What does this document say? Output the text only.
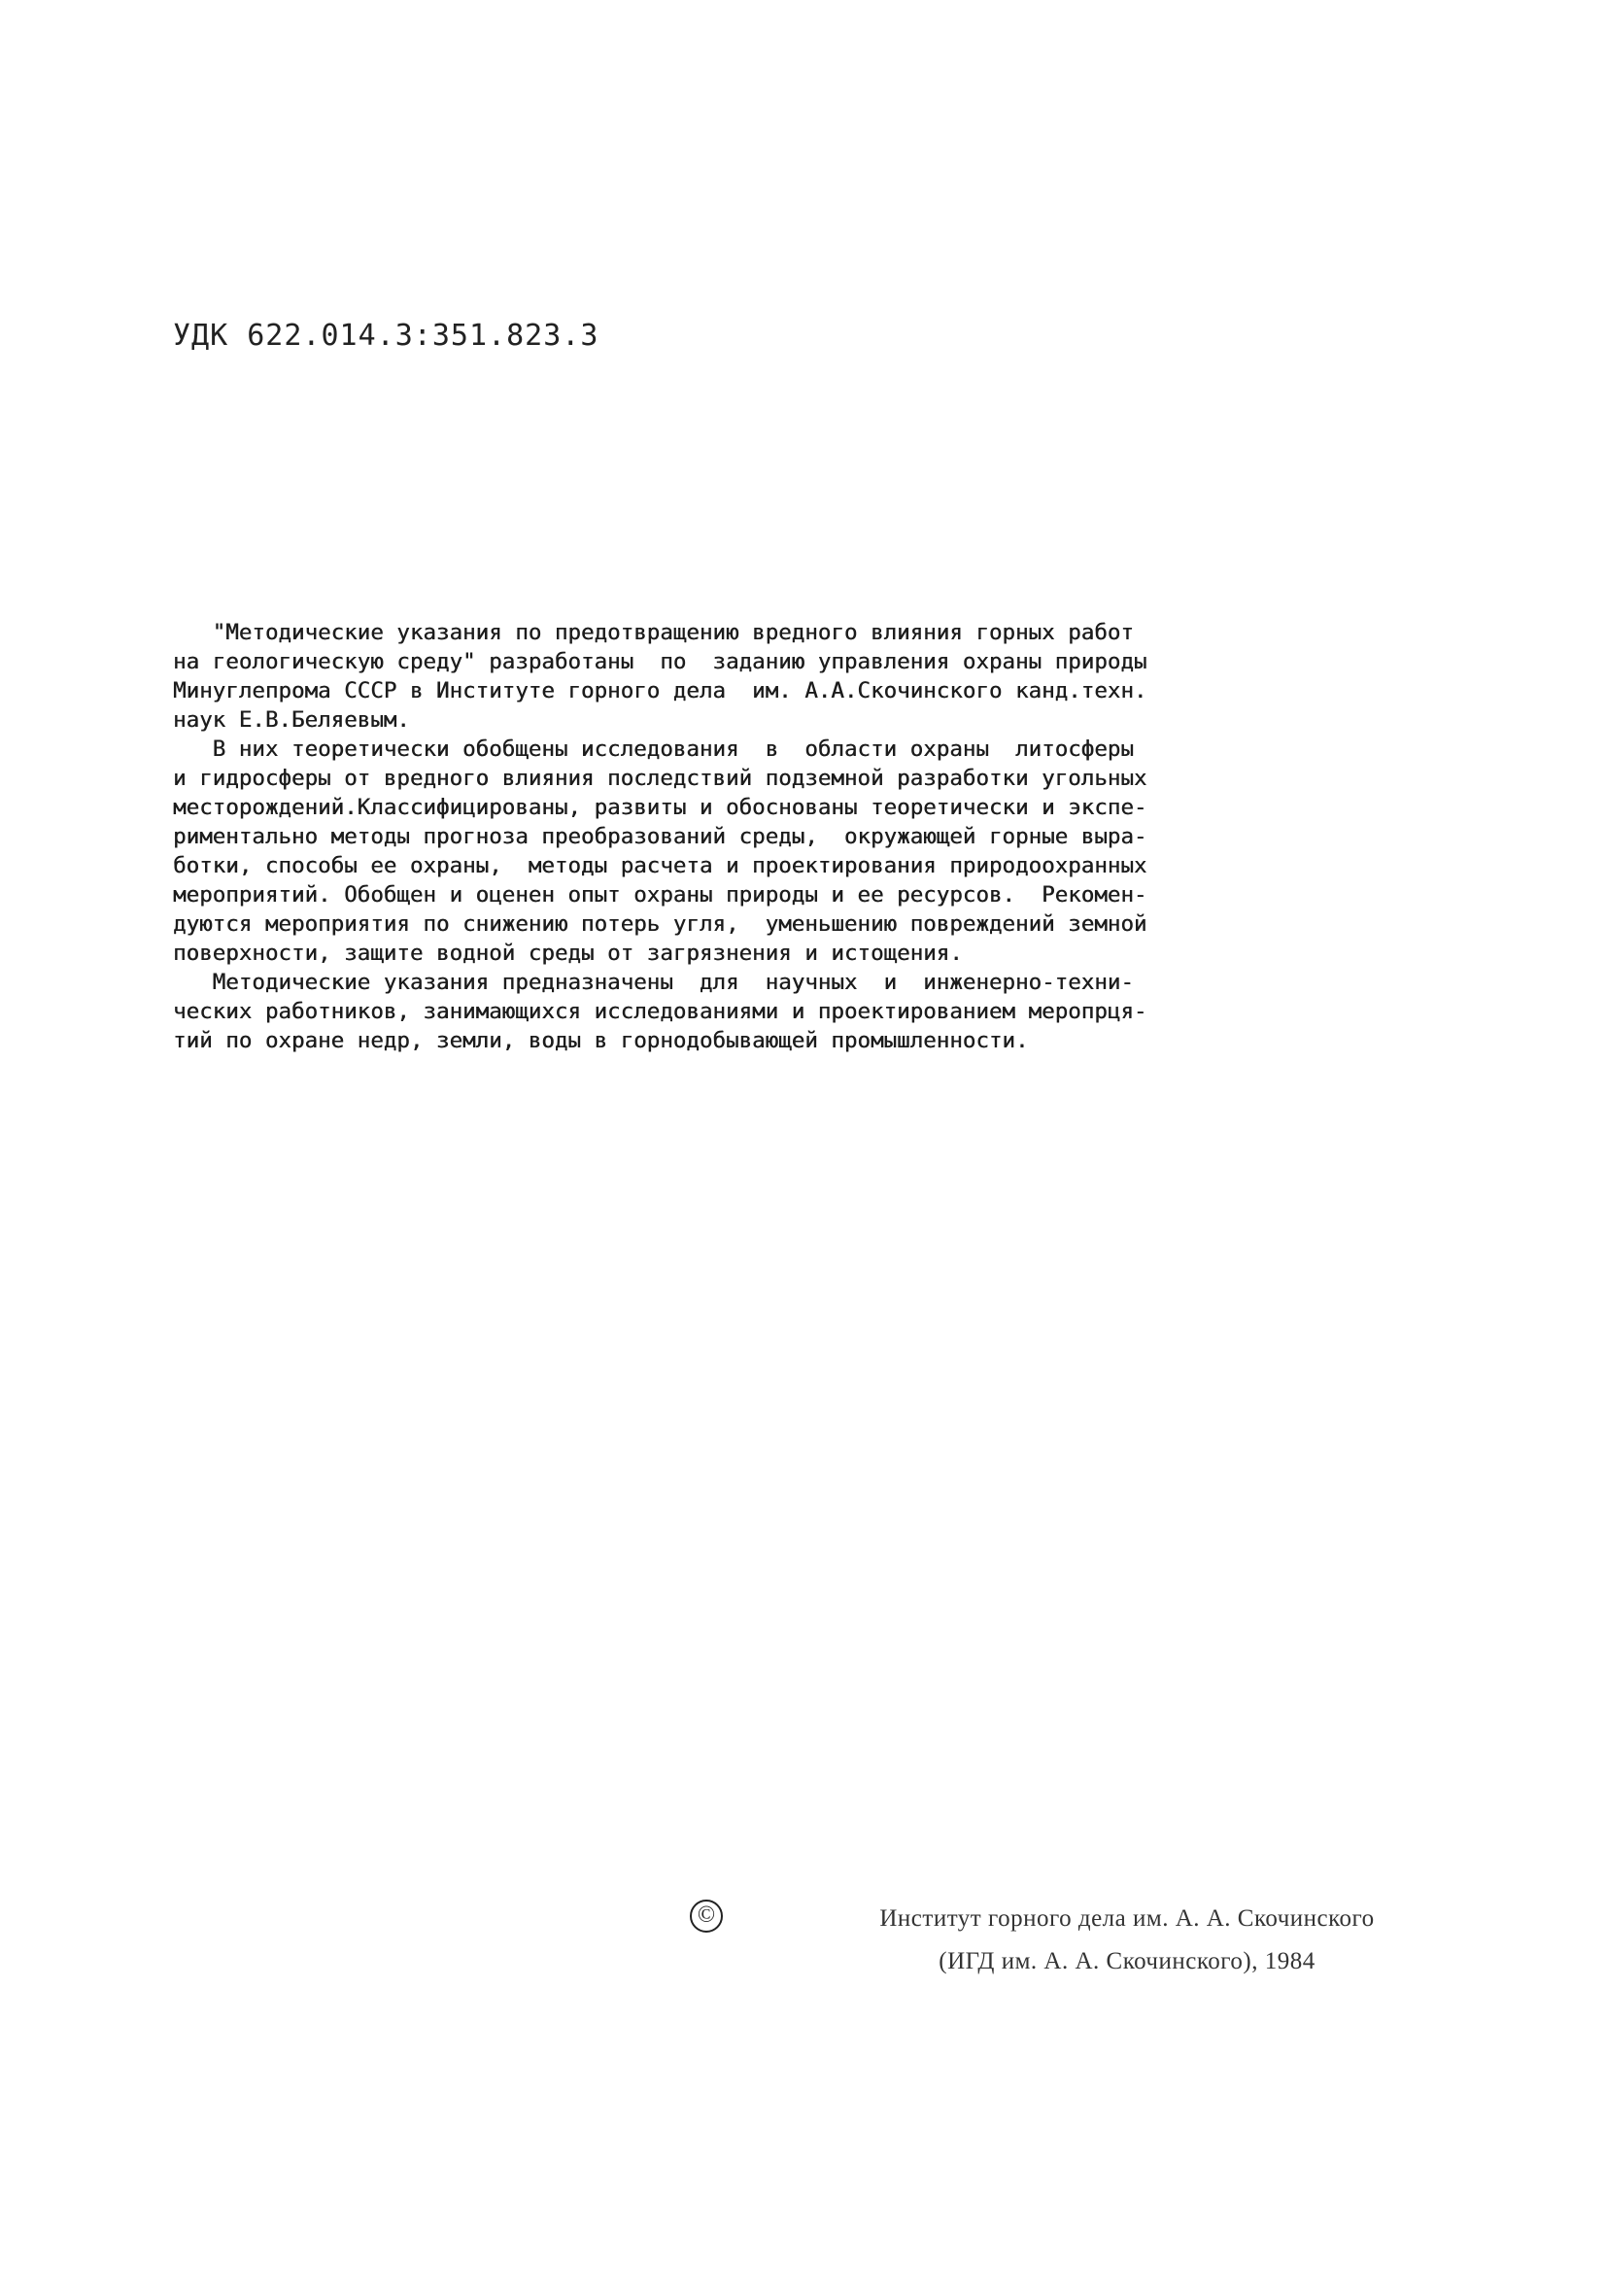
УДК 622.014.3:351.823.3
"Методические указания по предотвращению вредного влияния горных работ
на геологическую среду" разработаны  по  заданию управления охраны природы
Минуглепрома СССР в Институте горного дела  им. А.А.Скочинского канд.техн.
наук Е.В.Беляевым.
В них теоретически обобщены исследования  в  области охраны  литосферы
и гидросферы от вредного влияния последствий подземной разработки угольных
месторождений.Классифицированы, развиты и обоснованы теоретически и экспе-
риментально методы прогноза преобразований среды,  окружающей горные выра-
ботки, способы ее охраны,  методы расчета и проектирования природоохранных
мероприятий. Обобщен и оценен опыт охраны природы и ее ресурсов.  Рекомен-
дуются мероприятия по снижению потерь угля,  уменьшению повреждений земной
поверхности, защите водной среды от загрязнения и истощения.
Методические указания предназначены  для  научных  и  инженерно-техни-
ческих работников, занимающихся исследованиями и проектированием меропрця-
тий по охране недр, земли, воды в горнодобывающей промышленности.
©	Институт горного дела им. А. А. Скочинского
(ИГД им. А. А. Скочинского), 1984
